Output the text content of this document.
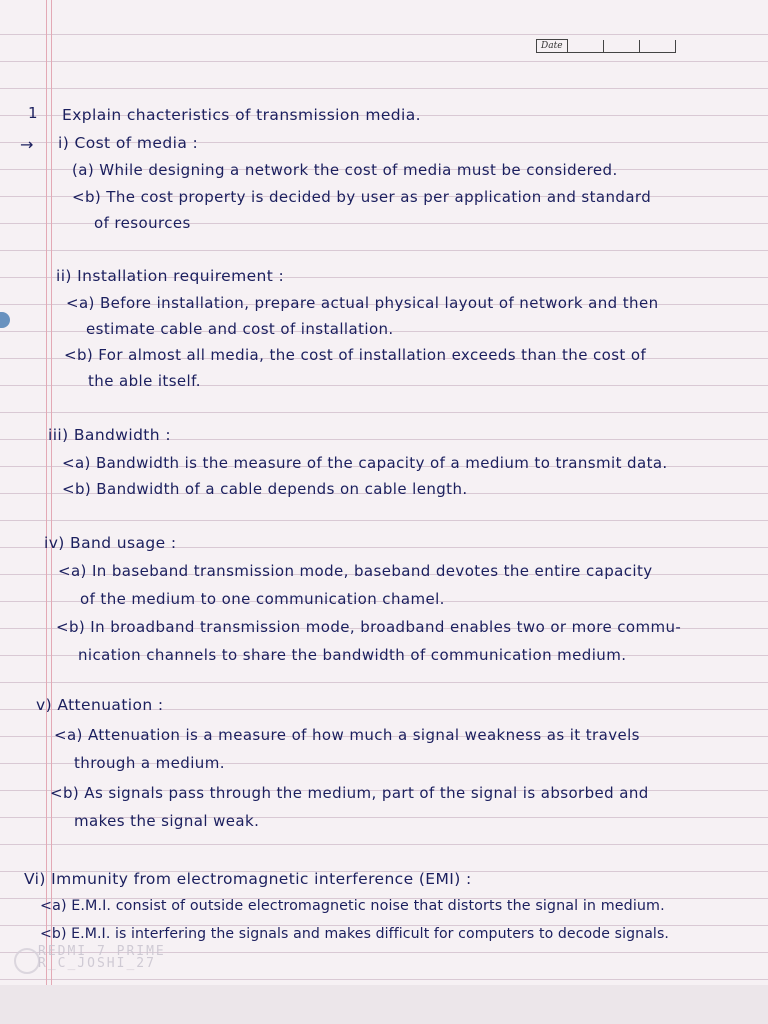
Date
1 Explain chacteristics of transmission media.
→ i) Cost of media :
(a) While designing a network the cost of media must be considered.
<b) The cost property is decided by user as per application and standard
of resources
ii) Installation requirement :
<a) Before installation, prepare actual physical layout of network and then
estimate cable and cost of installation.
<b) For almost all media, the cost of installation exceeds than the cost of
the able itself.
iii) Bandwidth :
<a) Bandwidth is the measure of the capacity of a medium to transmit data.
<b) Bandwidth of a cable depends on cable length.
iv) Band usage :
<a) In baseband transmission mode, baseband devotes the entire capacity
of the medium to one communication chamel.
<b) In broadband transmission mode, broadband enables two or more commu-
nication channels to share the bandwidth of communication medium.
v) Attenuation :
<a) Attenuation is a measure of how much a signal weakness as it travels
through a medium.
<b) As signals pass through the medium, part of the signal is absorbed and
makes the signal weak.
Vi) Immunity from electromagnetic interference (EMI) :
<a) E.M.I. consist of outside electromagnetic noise that distorts the signal in medium.
<b) E.M.I. is interfering the signals and makes difficult for computers to decode signals.
REDMI 7 PRIME
R_C_JOSHI_27
